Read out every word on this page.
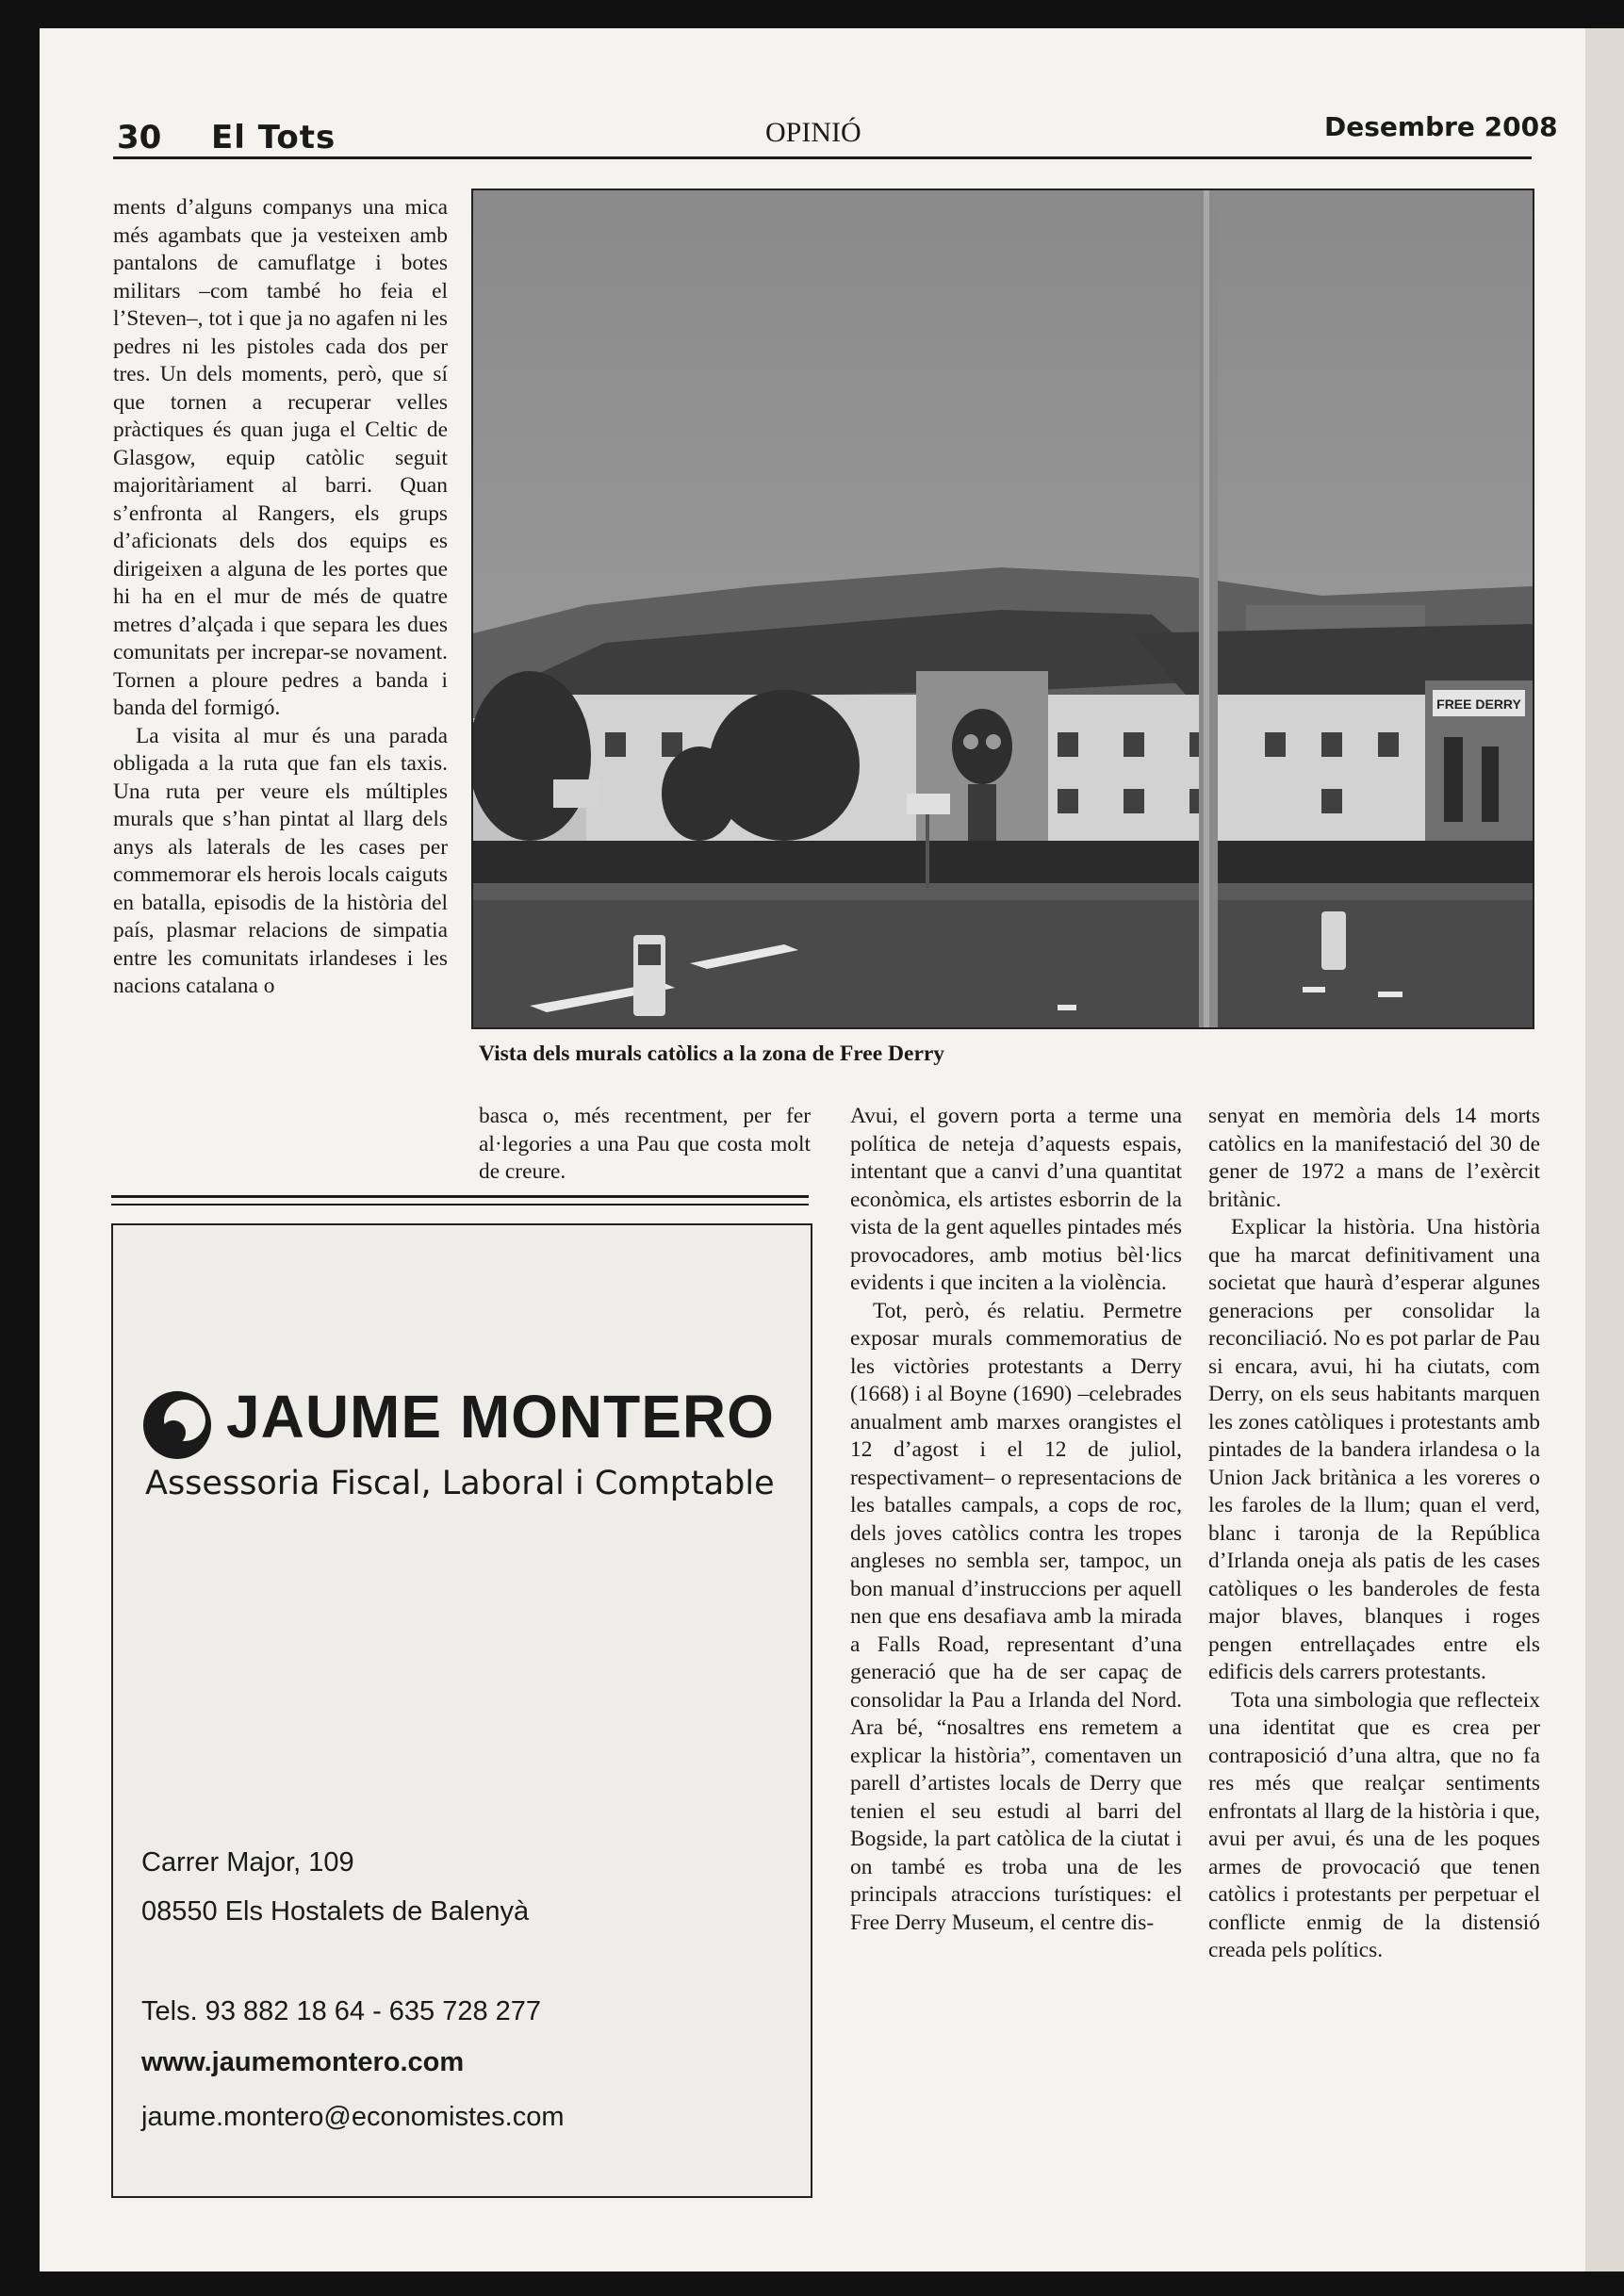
30 El Tots	OPINIÓ	Desembre 2008

ments d’alguns companys una mica més agambats que ja vesteixen amb pantalons de camuflatge i botes militars –com també ho feia el l’Steven–, tot i que ja no agafen ni les pedres ni les pistoles cada dos per tres. Un dels moments, però, que sí que tornen a recuperar velles pràctiques és quan juga el Celtic de Glasgow, equip catòlic seguit majoritàriament al barri. Quan s’enfronta al Rangers, els grups d’aficionats dels dos equips es dirigeixen a alguna de les portes que hi ha en el mur de més de quatre metres d’alçada i que separa les dues comunitats per increpar-se novament. Tornen a ploure pedres a banda i banda del formigó.

La visita al mur és una parada obligada a la ruta que fan els taxis. Una ruta per veure els múltiples murals que s’han pintat al llarg dels anys als laterals de les cases per commemorar els herois locals caiguts en batalla, episodis de la història del país, plasmar relacions de simpatia entre les comunitats irlandeses i les nacions catalana o

FREE DERRY
Vista dels murals catòlics a la zona de Free Derry

basca o, més recentment, per fer al·legories a una Pau que costa molt de creure.

Avui, el govern porta a terme una política de neteja d’aquests espais, intentant que a canvi d’una quantitat econòmica, els artistes esborrin de la vista de la gent aquelles pintades més provocadores, amb motius bèl·lics evidents i que inciten a la violència.

Tot, però, és relatiu. Permetre exposar murals commemoratius de les victòries protestants a Derry (1668) i al Boyne (1690) –celebrades anualment amb marxes orangistes el 12 d’agost i el 12 de juliol, respectivament– o representacions de les batalles campals, a cops de roc, dels joves catòlics contra les tropes angleses no sembla ser, tampoc, un bon manual d’instruccions per aquell nen que ens desafiava amb la mirada a Falls Road, representant d’una generació que ha de ser capaç de consolidar la Pau a Irlanda del Nord. Ara bé, “nosaltres ens remetem a explicar la història”, comentaven un parell d’artistes locals de Derry que tenien el seu estudi al barri del Bogside, la part catòlica de la ciutat i on també es troba una de les principals atraccions turístiques: el Free Derry Museum, el centre dis-

senyat en memòria dels 14 morts catòlics en la manifestació del 30 de gener de 1972 a mans de l’exèrcit britànic.

Explicar la història. Una història que ha marcat definitivament una societat que haurà d’esperar algunes generacions per consolidar la reconciliació. No es pot parlar de Pau si encara, avui, hi ha ciutats, com Derry, on els seus habitants marquen les zones catòliques i protestants amb pintades de la bandera irlandesa o la Union Jack britànica a les voreres o les faroles de la llum; quan el verd, blanc i taronja de la República d’Irlanda oneja als patis de les cases catòliques o les banderoles de festa major blaves, blanques i roges pengen entrellaçades entre els edificis dels carrers protestants.

Tota una simbologia que reflecteix una identitat que es crea per contraposició d’una altra, que no fa res més que realçar sentiments enfrontats al llarg de la història i que, avui per avui, és una de les poques armes de provocació que tenen catòlics i protestants per perpetuar el conflicte enmig de la distensió creada pels polítics.

JAUME MONTERO
Assessoria Fiscal, Laboral i Comptable
Carrer Major, 109
08550 Els Hostalets de Balenyà
Tels. 93 882 18 64 - 635 728 277
www.jaumemontero.com
jaume.montero@economistes.com
